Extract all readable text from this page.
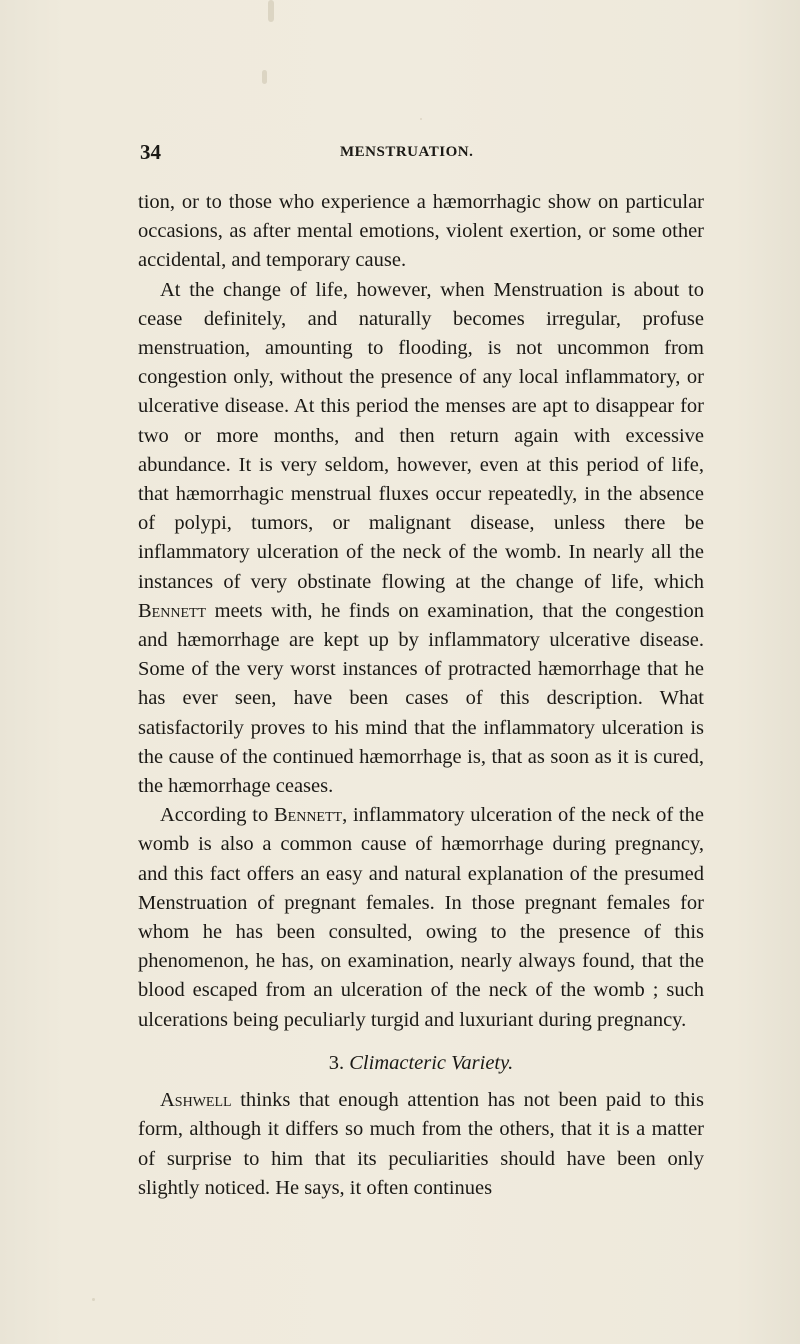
34	MENSTRUATION.

tion, or to those who experience a hæmorrhagic show on particular occasions, as after mental emotions, violent exertion, or some other accidental, and temporary cause.

At the change of life, however, when Menstruation is about to cease definitely, and naturally becomes irregular, profuse menstruation, amounting to flooding, is not uncommon from congestion only, without the presence of any local inflammatory, or ulcerative disease. At this period the menses are apt to disappear for two or more months, and then return again with excessive abundance. It is very seldom, however, even at this period of life, that hæmorrhagic menstrual fluxes occur repeatedly, in the absence of polypi, tumors, or malignant disease, unless there be inflammatory ulceration of the neck of the womb. In nearly all the instances of very obstinate flowing at the change of life, which Bennett meets with, he finds on examination, that the congestion and hæmorrhage are kept up by inflammatory ulcerative disease. Some of the very worst instances of protracted hæmorrhage that he has ever seen, have been cases of this description. What satisfactorily proves to his mind that the inflammatory ulceration is the cause of the continued hæmorrhage is, that as soon as it is cured, the hæmorrhage ceases.

According to Bennett, inflammatory ulceration of the neck of the womb is also a common cause of hæmorrhage during pregnancy, and this fact offers an easy and natural explanation of the presumed Menstruation of pregnant females. In those pregnant females for whom he has been consulted, owing to the presence of this phenomenon, he has, on examination, nearly always found, that the blood escaped from an ulceration of the neck of the womb ; such ulcerations being peculiarly turgid and luxuriant during pregnancy.

3. Climacteric Variety.

Ashwell thinks that enough attention has not been paid to this form, although it differs so much from the others, that it is a matter of surprise to him that its peculiarities should have been only slightly noticed. He says, it often continues
